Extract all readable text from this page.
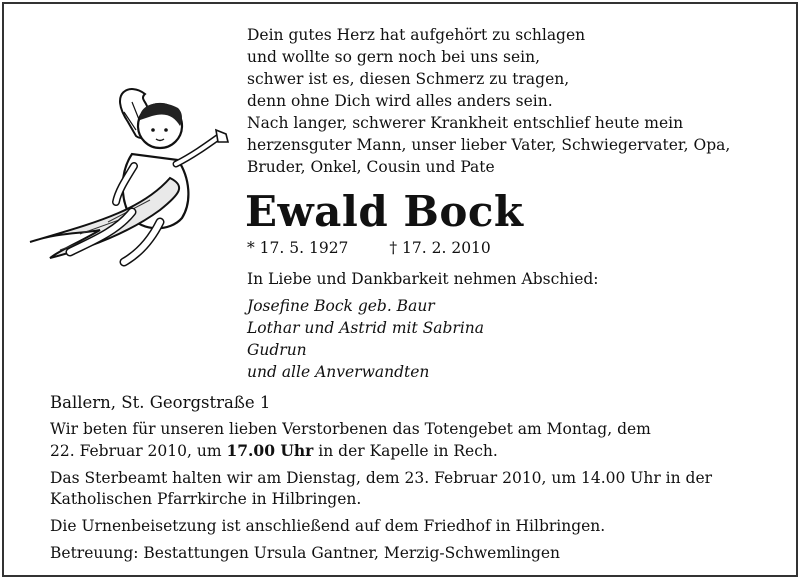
Dein gutes Herz hat aufgehört zu schlagen
und wollte so gern noch bei uns sein,
schwer ist es, diesen Schmerz zu tragen,
denn ohne Dich wird alles anders sein.
Nach langer, schwerer Krankheit entschlief heute mein
herzensguter Mann, unser lieber Vater, Schwiegervater, Opa,
Bruder, Onkel, Cousin und Pate
Ewald Bock
* 17. 5. 1927	† 17. 2. 2010
In Liebe und Dankbarkeit nehmen Abschied:
Josefine Bock geb. Baur
Lothar und Astrid mit Sabrina
Gudrun
und alle Anverwandten

Ballern, St. Georgstraße 1

Wir beten für unseren lieben Verstorbenen das Totengebet am Montag, dem
22. Februar 2010, um 17.00 Uhr in der Kapelle in Rech.

Das Sterbeamt halten wir am Dienstag, dem 23. Februar 2010, um 14.00 Uhr in der
Katholischen Pfarrkirche in Hilbringen.

Die Urnenbeisetzung ist anschließend auf dem Friedhof in Hilbringen.

Betreuung: Bestattungen Ursula Gantner, Merzig-Schwemlingen
